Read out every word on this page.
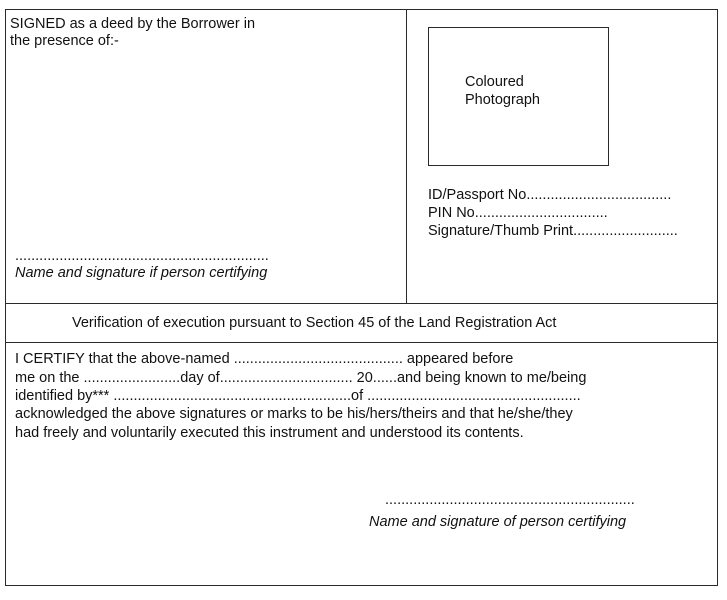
SIGNED as a deed by the Borrower in
the presence of:-
...............................................................
Name and signature if person certifying
Coloured
Photograph
ID/Passport No....................................
PIN No.................................
Signature/Thumb Print..........................
Verification of execution pursuant to Section 45 of the Land Registration Act
I CERTIFY that the above-named .......................................... appeared before
me on the ........................day of................................. 20......and being known to me/being
identified by*** ...........................................................of .....................................................
acknowledged the above signatures or marks to be his/hers/theirs and that he/she/they
had freely and voluntarily executed this instrument and understood its contents.
..............................................................
Name and signature of person certifying
